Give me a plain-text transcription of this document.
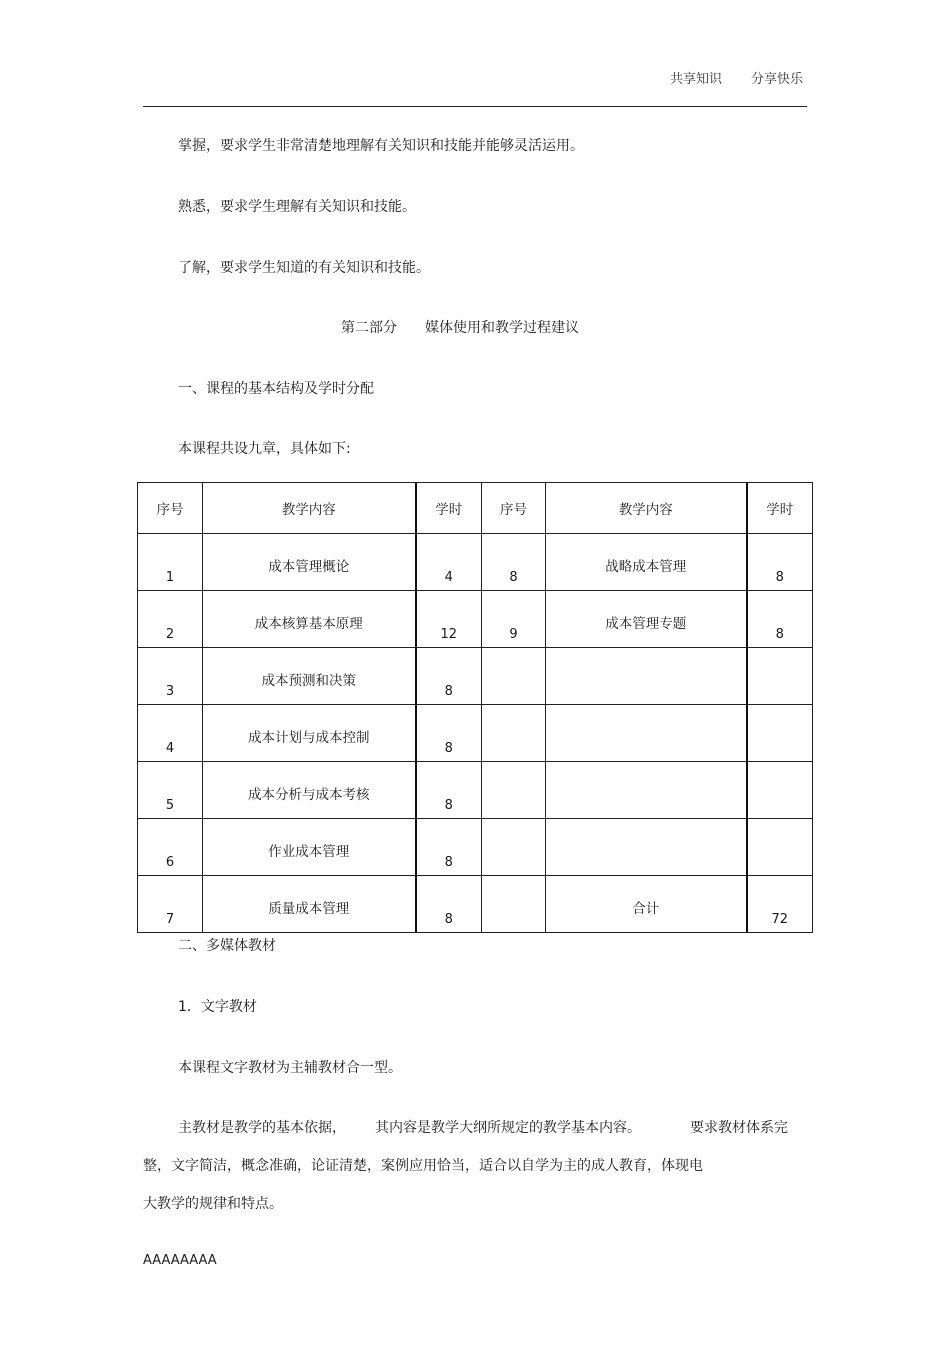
共享知识 分享快乐
掌握，要求学生非常清楚地理解有关知识和技能并能够灵活运用。
熟悉，要求学生理解有关知识和技能。
了解，要求学生知道的有关知识和技能。
第二部分 媒体使用和教学过程建议
一、课程的基本结构及学时分配
本课程共设九章，具体如下:
序号	教学内容	学时	序号	教学内容	学时
1	成本管理概论	4	8	战略成本管理	8
2	成本核算基本原理	12	9	成本管理专题	8
3	成本预测和决策	8			
4	成本计划与成本控制	8			
5	成本分析与成本考核	8			
6	作业成本管理	8			
7	质量成本管理	8		合计	72
二、多媒体教材
1．文字教材
本课程文字教材为主辅教材合一型。
主教材是教学的基本依据， 其内容是教学大纲所规定的教学基本内容。	要求教材体系完
整，文字简洁，概念准确，论证清楚，案例应用恰当，适合以自学为主的成人教育，体现电
大教学的规律和特点。
AAAAAAAA
